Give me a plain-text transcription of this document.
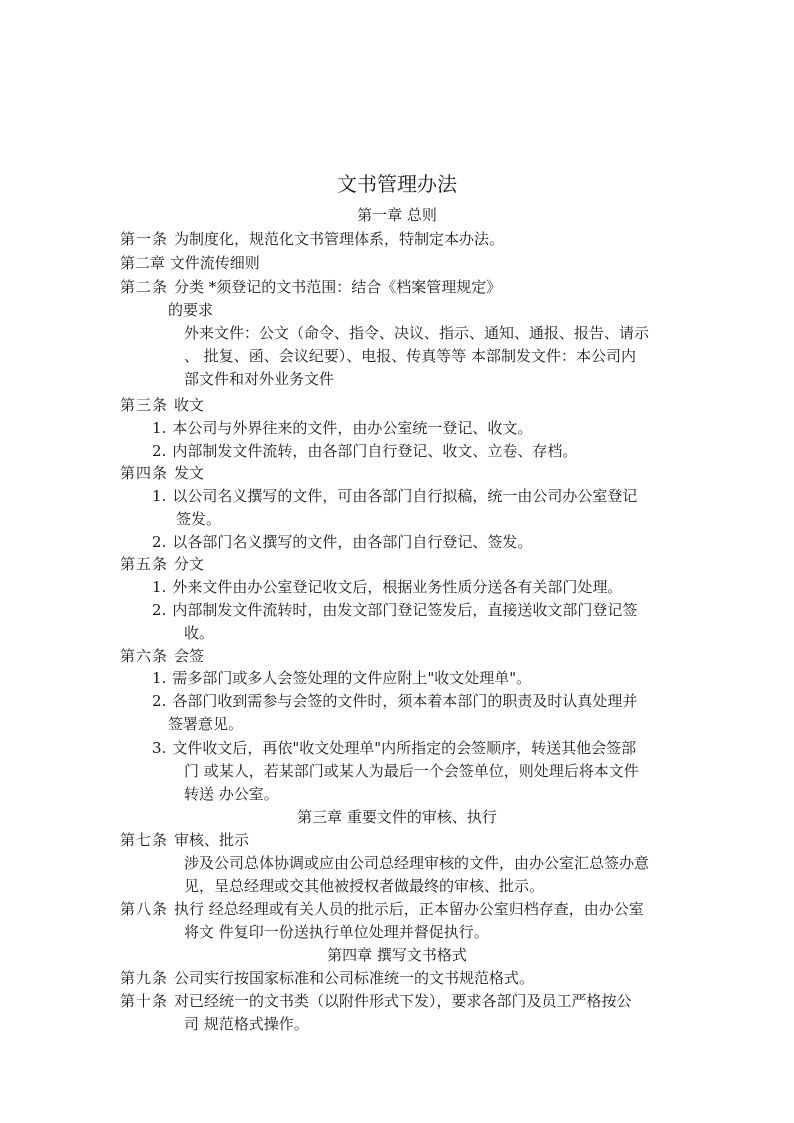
文书管理办法
第一章 总则
第一条 为制度化，规范化文书管理体系，特制定本办法。
第二章 文件流传细则
第二条 分类 *须登记的文书范围：结合《档案管理规定》
的要求
外来文件：公文（命令、指令、决议、指示、通知、通报、报告、请示
、 批复、函、会议纪要）、电报、传真等等 本部制发文件：本公司内
部文件和对外业务文件
第三条 收文
1. 本公司与外界往来的文件，由办公室统一登记、收文。
2. 内部制发文件流转，由各部门自行登记、收文、立卷、存档。
第四条 发文
1. 以公司名义撰写的文件，可由各部门自行拟稿，统一由公司办公室登记
签发。
2. 以各部门名义撰写的文件，由各部门自行登记、签发。
第五条 分文
1. 外来文件由办公室登记收文后，根据业务性质分送各有关部门处理。
2. 内部制发文件流转时，由发文部门登记签发后，直接送收文部门登记签
收。
第六条 会签
1. 需多部门或多人会签处理的文件应附上"收文处理单"。
2. 各部门收到需参与会签的文件时，须本着本部门的职责及时认真处理并
签署意见。
3. 文件收文后，再依"收文处理单"内所指定的会签顺序，转送其他会签部
门 或某人，若某部门或某人为最后一个会签单位，则处理后将本文件
转送 办公室。
第三章 重要文件的审核、执行
第七条 审核、批示
涉及公司总体协调或应由公司总经理审核的文件，由办公室汇总签办意
见，呈总经理或交其他被授权者做最终的审核、批示。
第八条 执行 经总经理或有关人员的批示后，正本留办公室归档存查，由办公室
将文 件复印一份送执行单位处理并督促执行。
第四章 撰写文书格式
第九条 公司实行按国家标准和公司标准统一的文书规范格式。
第十条 对已经统一的文书类（以附件形式下发），要求各部门及员工严格按公
司 规范格式操作。
